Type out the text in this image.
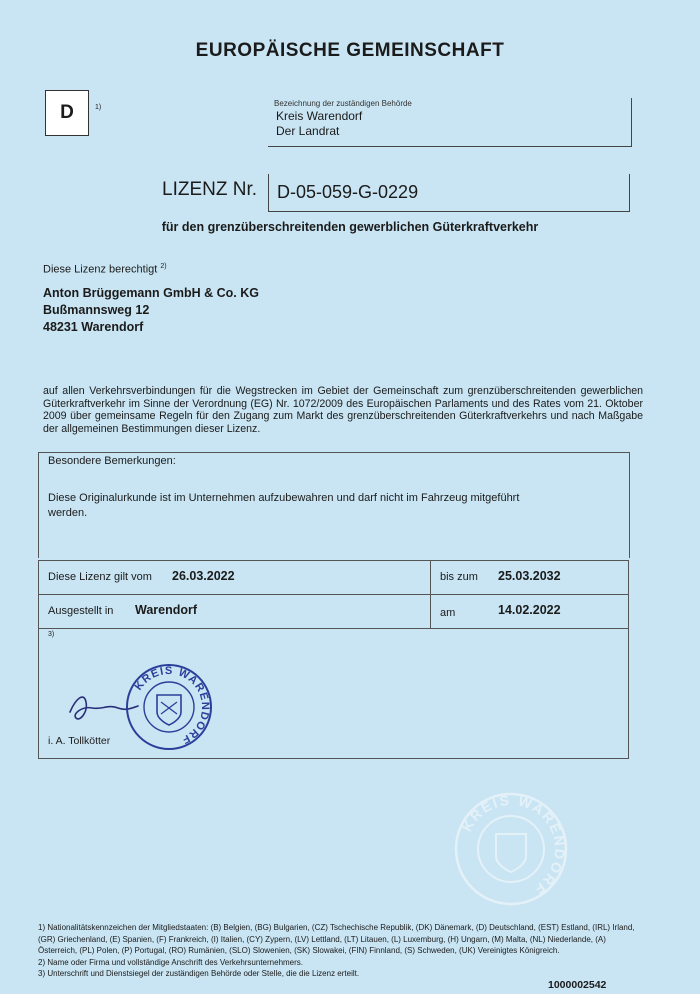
EUROPÄISCHE GEMEINSCHAFT
D	1)	Bezeichnung der zuständigen Behörde
Kreis Warendorf
Der Landrat
LIZENZ Nr. D-05-059-G-0229
für den grenzüberschreitenden gewerblichen Güterkraftverkehr
Diese Lizenz berechtigt $^{2)}$
Anton Brüggemann GmbH & Co. KG
Bußmannsweg 12
48231 Warendorf
auf allen Verkehrsverbindungen für die Wegstrecken im Gebiet der Gemeinschaft zum grenzüberschreitenden gewerblichen Güterkraftverkehr im Sinne der Verordnung (EG) Nr. 1072/2009 des Europäischen Parlaments und des Rates vom 21. Oktober 2009 über gemeinsame Regeln für den Zugang zum Markt des grenzüberschreitenden Güterkraftverkehrs und nach Maßgabe der allgemeinen Bestimmungen dieser Lizenz.
Besondere Bemerkungen:
Diese Originalurkunde ist im Unternehmen aufzubewahren und darf nicht im Fahrzeug mitgeführt werden.
Diese Lizenz gilt vom 26.03.2022	bis zum 25.03.2032
Ausgestellt in Warendorf	am	14.02.2022
3)
KREIS WARENDORF
i. A. Tollkötter
KREIS WARENDORF
1) Nationalitätskennzeichen der Mitgliedstaaten: (B) Belgien, (BG) Bulgarien, (CZ) Tschechische Republik, (DK) Dänemark, (D) Deutschland, (EST) Estland, (IRL) Irland, (GR) Griechenland, (E) Spanien, (F) Frankreich, (I) Italien, (CY) Zypern, (LV) Lettland, (LT) Litauen, (L) Luxemburg, (H) Ungarn, (M) Malta, (NL) Niederlande, (A) Österreich, (PL) Polen, (P) Portugal, (RO) Rumänien, (SLO) Slowenien, (SK) Slowakei, (FIN) Finnland, (S) Schweden, (UK) Vereinigtes Königreich.
2) Name oder Firma und vollständige Anschrift des Verkehrsunternehmers.
3) Unterschrift und Dienstsiegel der zuständigen Behörde oder Stelle, die die Lizenz erteilt.
1000002542
